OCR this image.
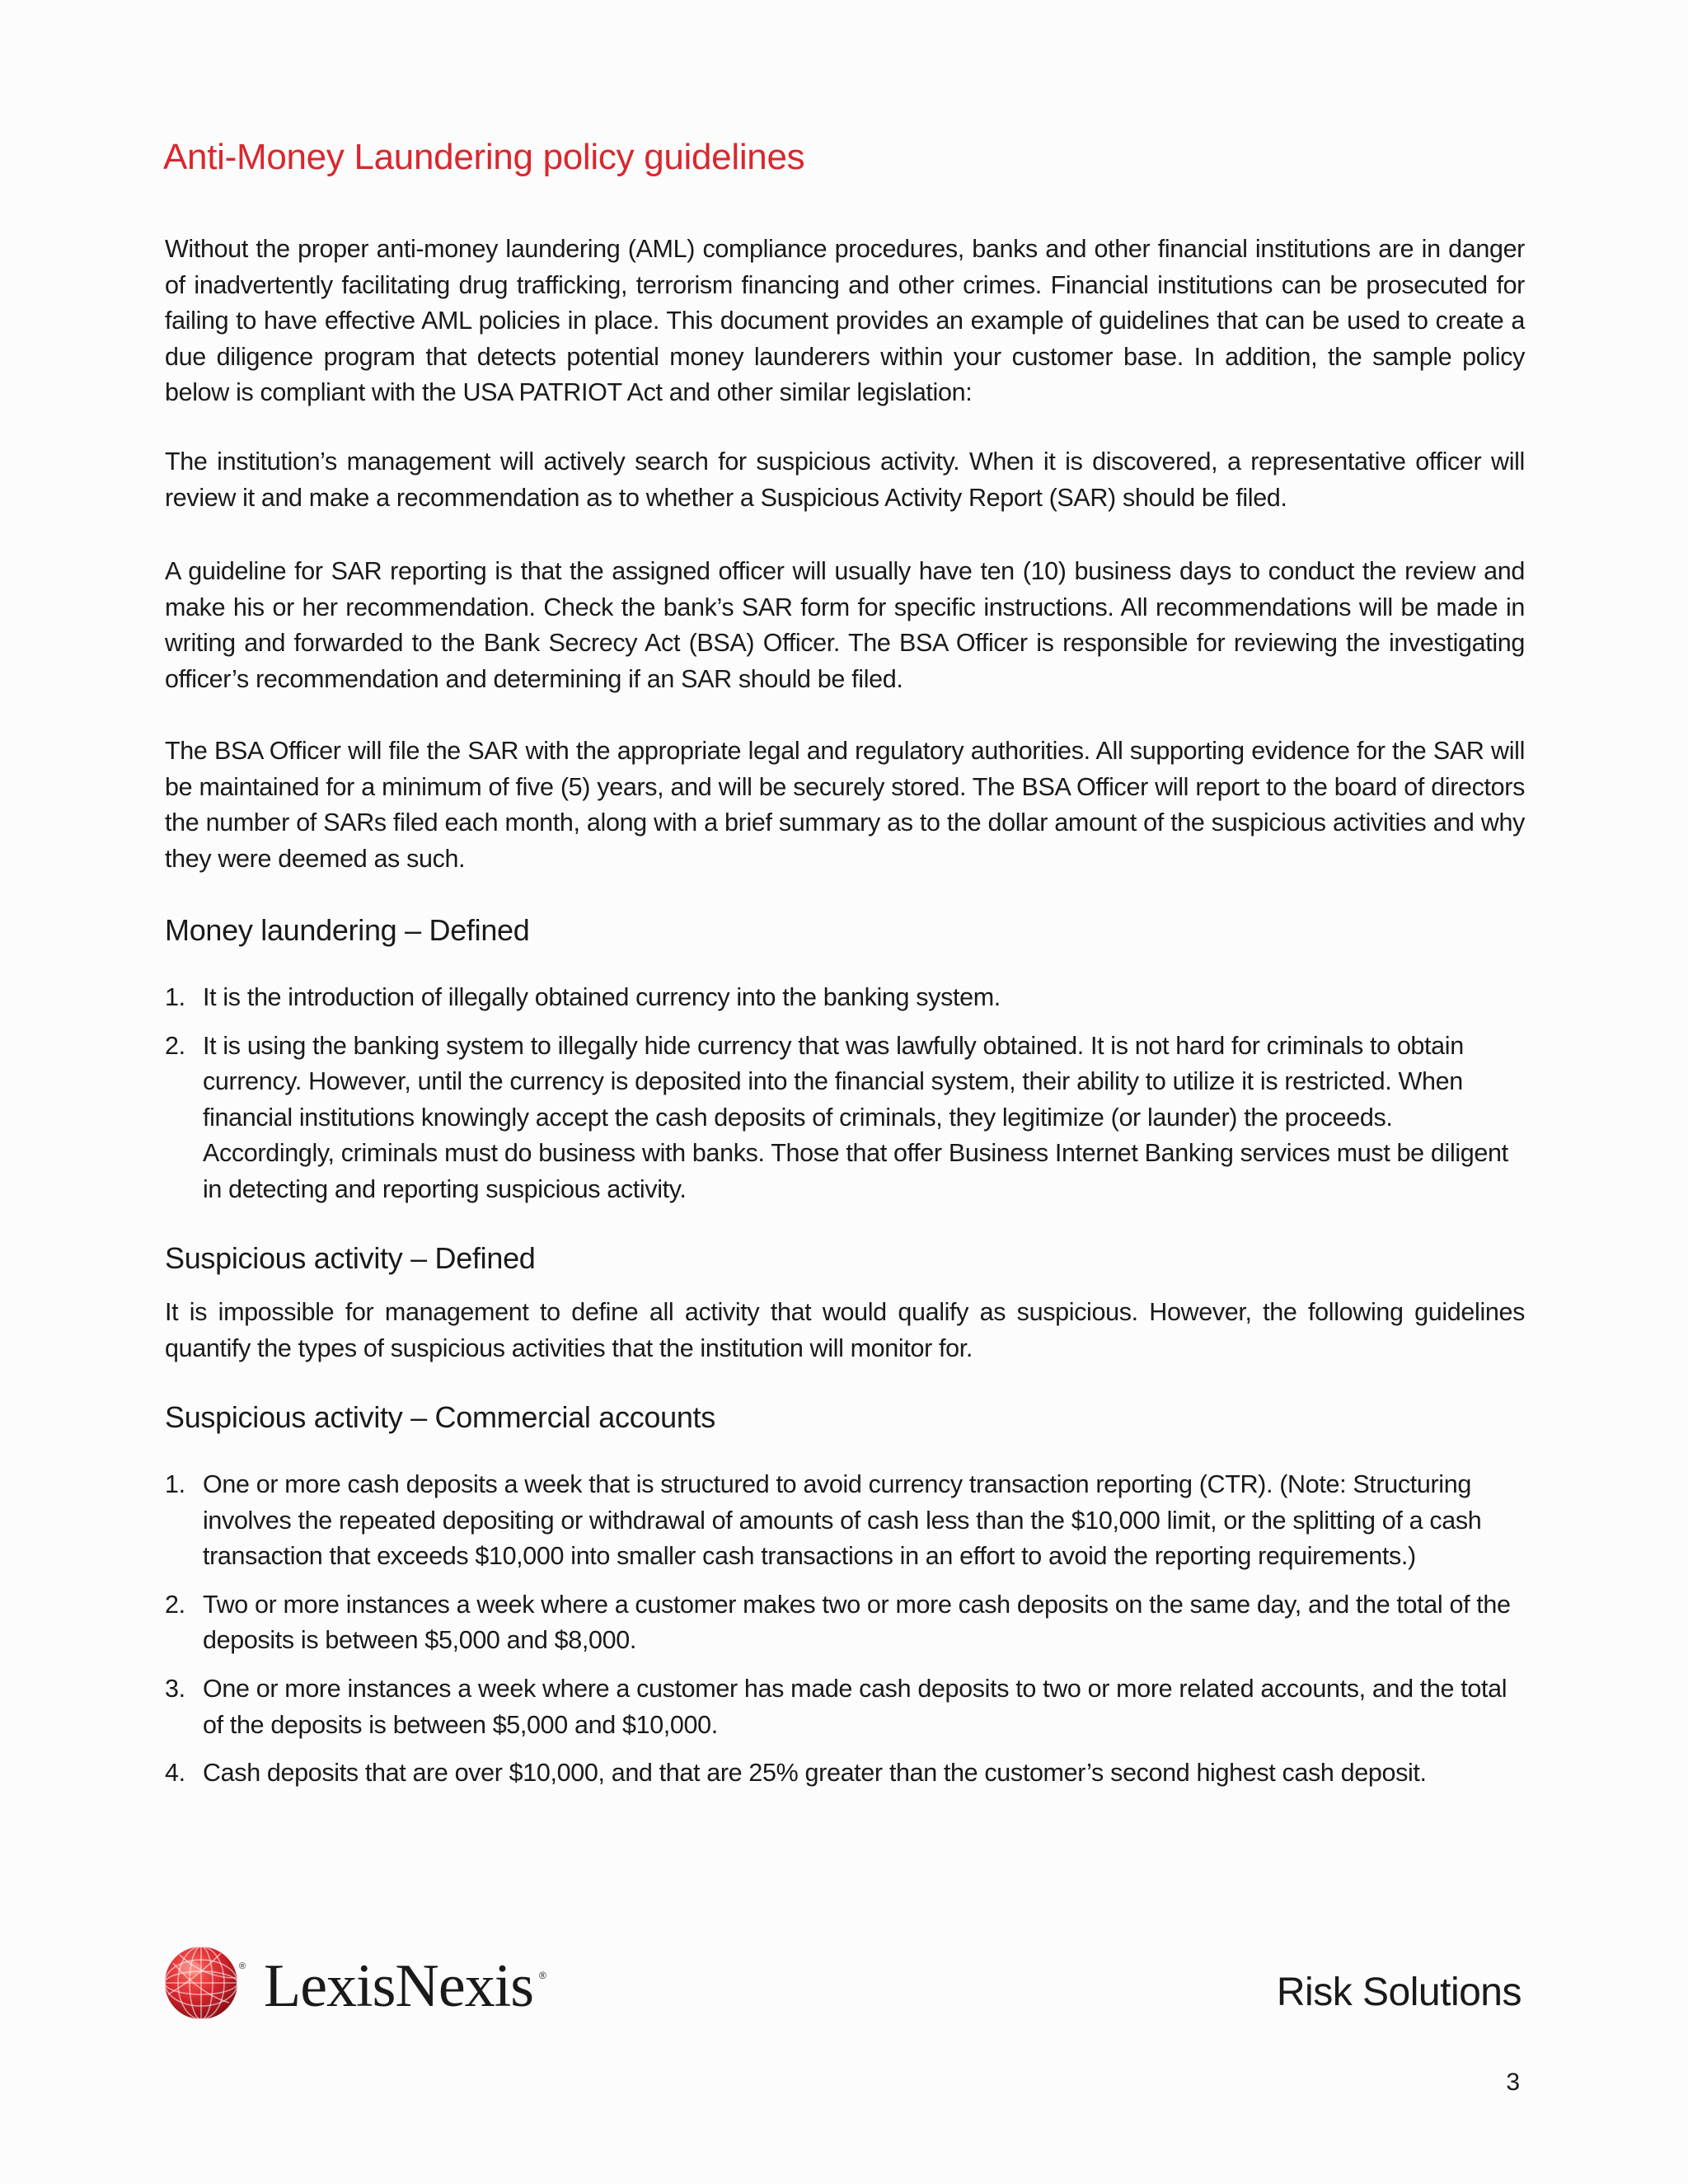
Anti-Money Laundering policy guidelines

Without the proper anti-money laundering (AML) compliance procedures, banks and other financial institutions are in danger of inadvertently facilitating drug trafficking, terrorism financing and other crimes. Financial institutions can be prosecuted for failing to have effective AML policies in place. This document provides an example of guidelines that can be used to create a due diligence program that detects potential money launderers within your customer base. In addition, the sample policy below is compliant with the USA PATRIOT Act and other similar legislation:

The institution’s management will actively search for suspicious activity. When it is discovered, a representative officer will review it and make a recommendation as to whether a Suspicious Activity Report (SAR) should be filed.

A guideline for SAR reporting is that the assigned officer will usually have ten (10) business days to conduct the review and make his or her recommendation. Check the bank’s SAR form for specific instructions. All recommendations will be made in writing and forwarded to the Bank Secrecy Act (BSA) Officer. The BSA Officer is responsible for reviewing the investigating officer’s recommendation and determining if an SAR should be filed.

The BSA Officer will file the SAR with the appropriate legal and regulatory authorities. All supporting evidence for the SAR will be maintained for a minimum of five (5) years, and will be securely stored. The BSA Officer will report to the board of directors the number of SARs filed each month, along with a brief summary as to the dollar amount of the suspicious activities and why they were deemed as such.

Money laundering – Defined
1. It is the introduction of illegally obtained currency into the banking system.
2. It is using the banking system to illegally hide currency that was lawfully obtained. It is not hard for criminals to obtain currency. However, until the currency is deposited into the financial system, their ability to utilize it is restricted. When financial institutions knowingly accept the cash deposits of criminals, they legitimize (or launder) the proceeds. Accordingly, criminals must do business with banks. Those that offer Business Internet Banking services must be diligent in detecting and reporting suspicious activity.
Suspicious activity – Defined

It is impossible for management to define all activity that would qualify as suspicious. However, the following guidelines quantify the types of suspicious activities that the institution will monitor for.

Suspicious activity – Commercial accounts
1. One or more cash deposits a week that is structured to avoid currency transaction reporting (CTR). (Note: Structuring involves the repeated depositing or withdrawal of amounts of cash less than the $10,000 limit, or the splitting of a cash transaction that exceeds $10,000 into smaller cash transactions in an effort to avoid the reporting requirements.)
2. Two or more instances a week where a customer makes two or more cash deposits on the same day, and the total of the deposits is between $5,000 and $8,000.
3. One or more instances a week where a customer has made cash deposits to two or more related accounts, and the total of the deposits is between $5,000 and $10,000.
4. Cash deposits that are over $10,000, and that are 25% greater than the customer’s second highest cash deposit.
® LexisNexis ®	Risk Solutions
3
